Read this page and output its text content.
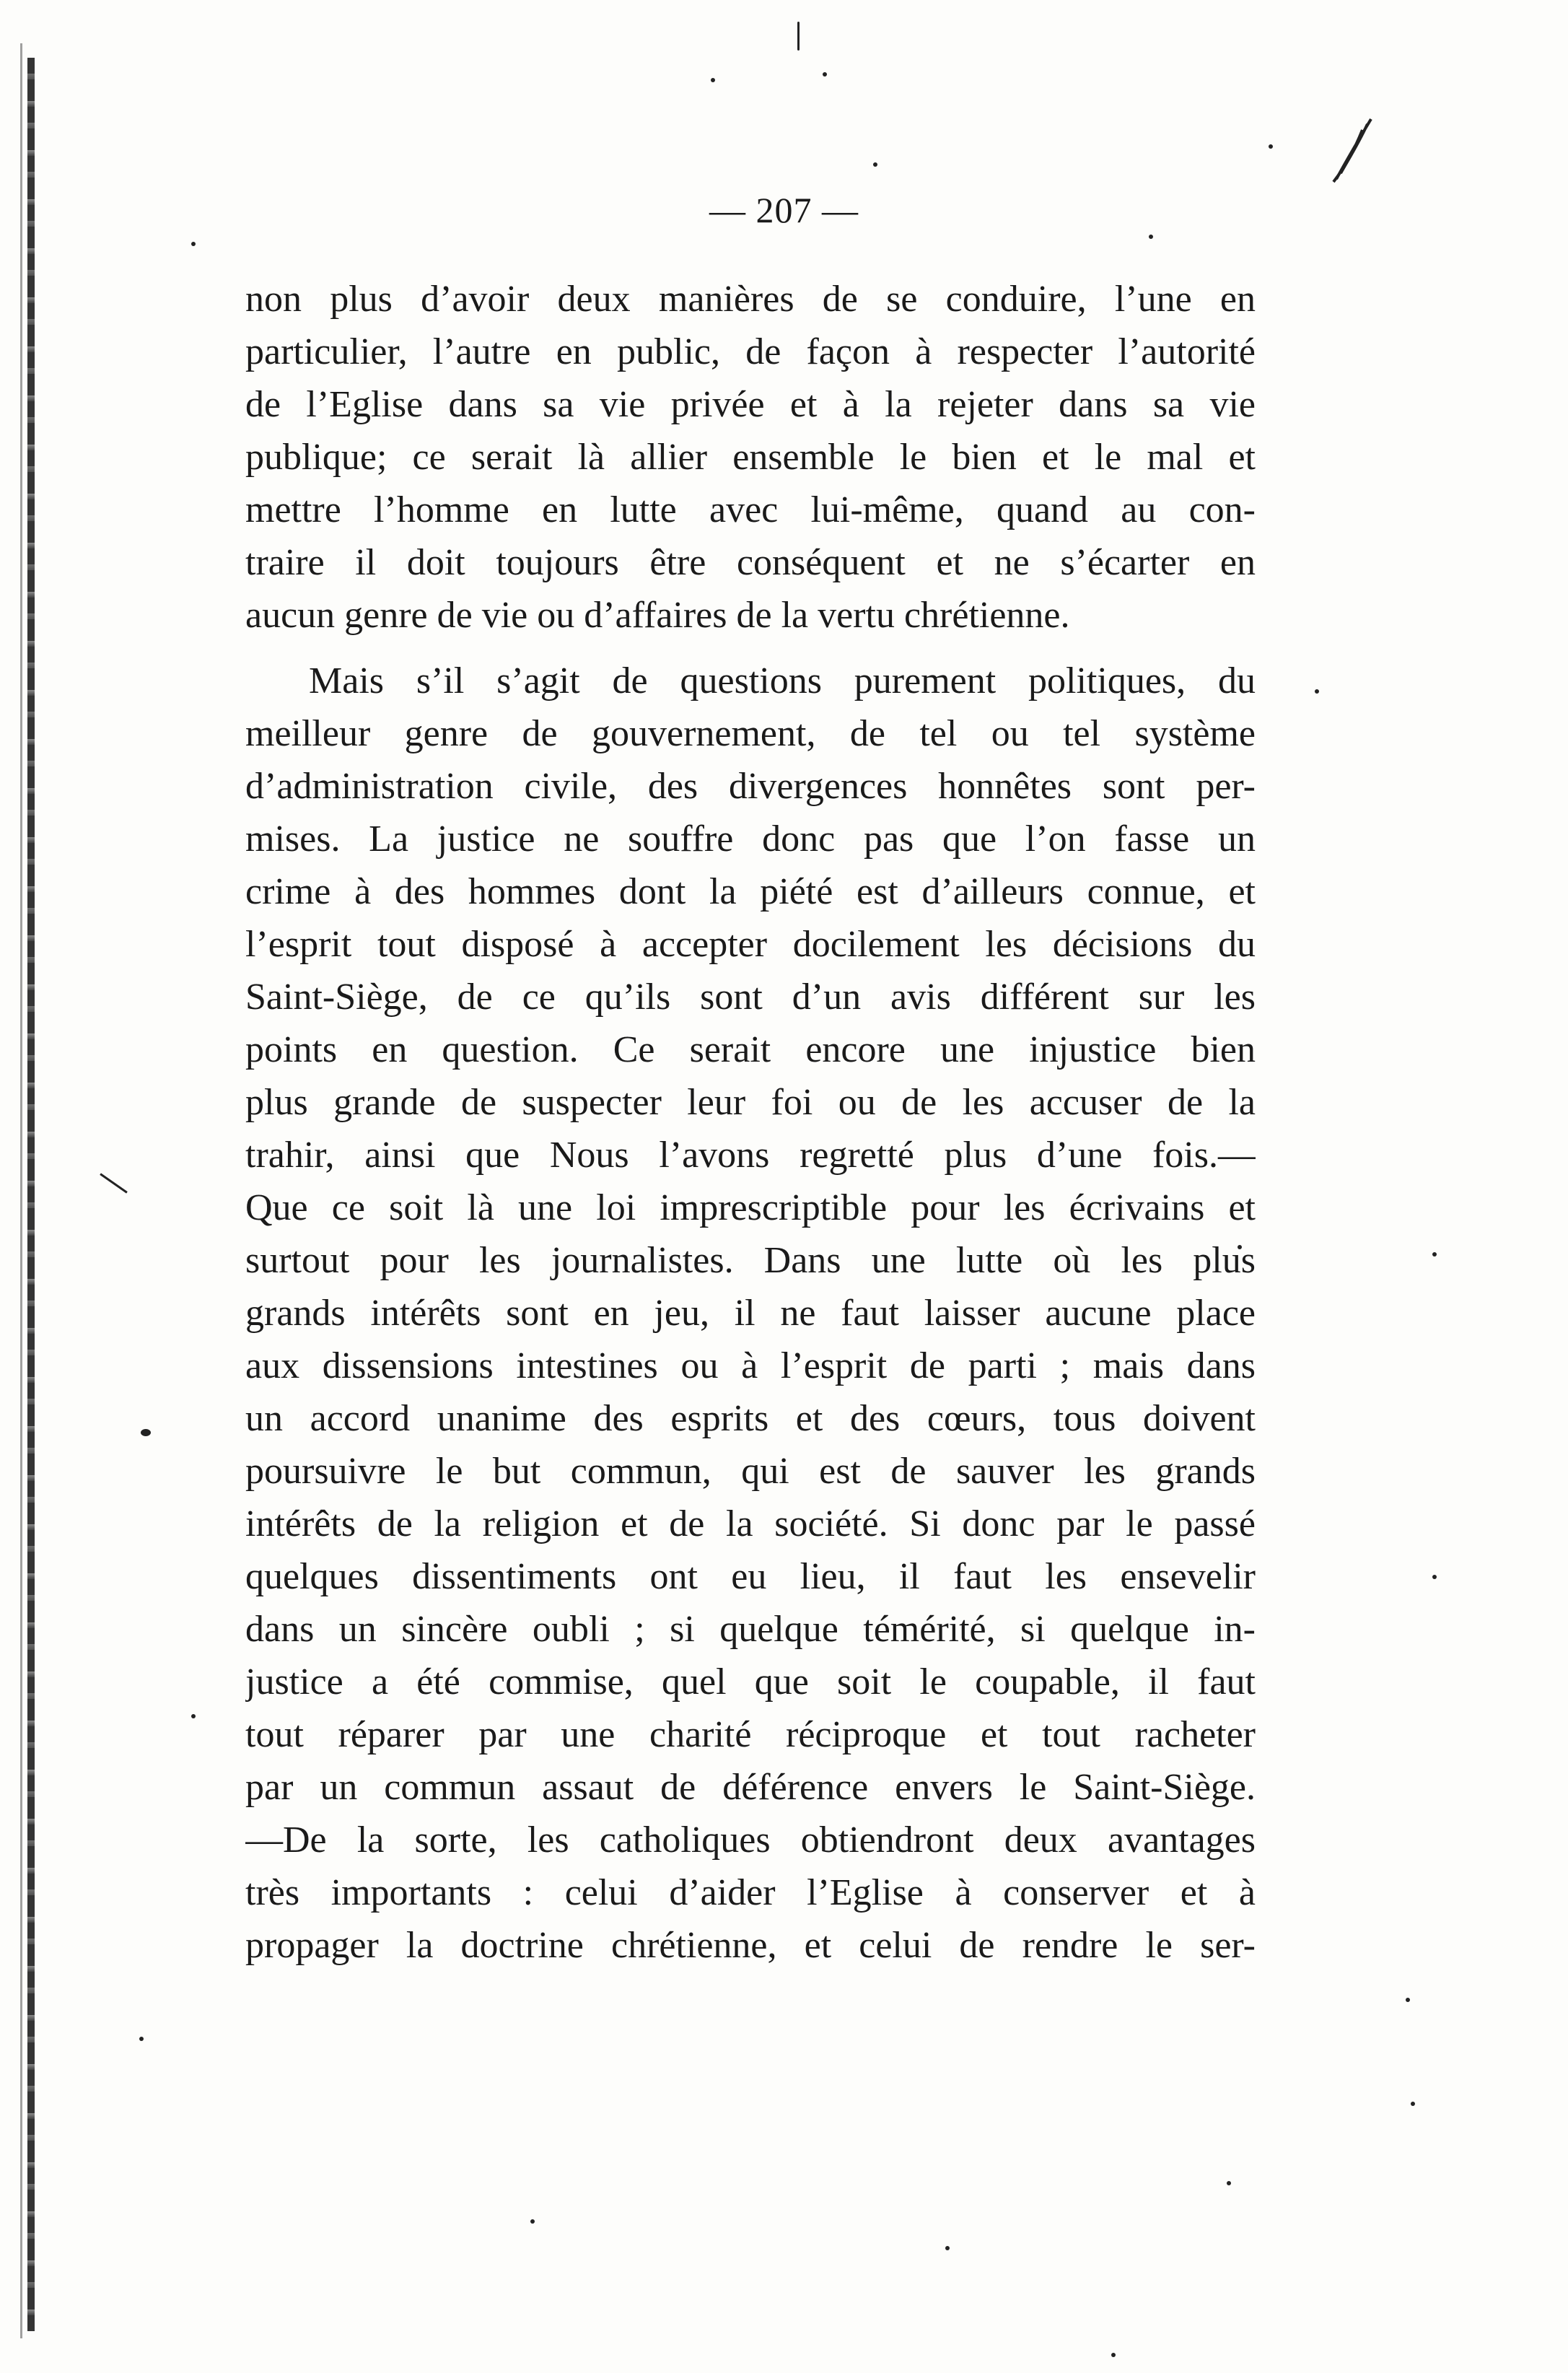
— 207 —

non plus d’avoir deux manières de se conduire, l’une en
particulier, l’autre en public, de façon à respecter l’autorité
de l’Eglise dans sa vie privée et à la rejeter dans sa vie
publique; ce serait là allier ensemble le bien et le mal et
mettre l’homme en lutte avec lui-même, quand au con-
traire il doit toujours être conséquent et ne s’écarter en
aucun genre de vie ou d’affaires de la vertu chrétienne.

Mais s’il s’agit de questions purement politiques, du
meilleur genre de gouvernement, de tel ou tel système
d’administration civile, des divergences honnêtes sont per-
mises. La justice ne souffre donc pas que l’on fasse un
crime à des hommes dont la piété est d’ailleurs connue, et
l’esprit tout disposé à accepter docilement les décisions du
Saint-Siège, de ce qu’ils sont d’un avis différent sur les
points en question. Ce serait encore une injustice bien
plus grande de suspecter leur foi ou de les accuser de la
trahir, ainsi que Nous l’avons regretté plus d’une fois.—
Que ce soit là une loi imprescriptible pour les écrivains et
surtout pour les journalistes. Dans une lutte où les plus
grands intérêts sont en jeu, il ne faut laisser aucune place
aux dissensions intestines ou à l’esprit de parti ; mais dans
un accord unanime des esprits et des cœurs, tous doivent
poursuivre le but commun, qui est de sauver les grands
intérêts de la religion et de la société. Si donc par le passé
quelques dissentiments ont eu lieu, il faut les ensevelir
dans un sincère oubli ; si quelque témérité, si quelque in-
justice a été commise, quel que soit le coupable, il faut
tout réparer par une charité réciproque et tout racheter
par un commun assaut de déférence envers le Saint-Siège.
—De la sorte, les catholiques obtiendront deux avantages
très importants : celui d’aider l’Eglise à conserver et à
propager la doctrine chrétienne, et celui de rendre le ser-
